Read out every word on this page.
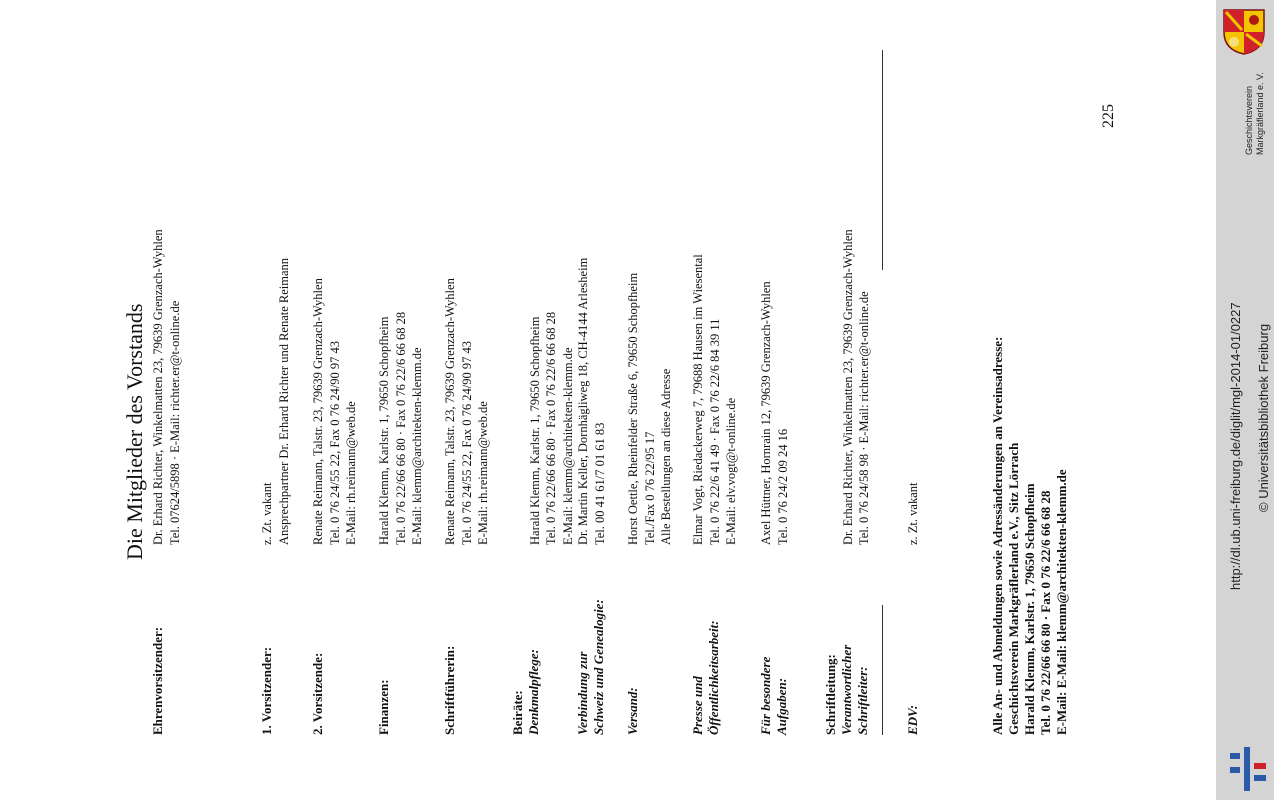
Die Mitglieder des Vorstands
225
Ehrenvorsitzender:
Dr. Erhard Richter, Winkelmatten 23, 79639 Grenzach-Wyhlen Tel. 07624/5898 · E-Mail: richter.er@t-online.de
1. Vorsitzender:
z. Zt. vakant Ansprechpartner Dr. Erhard Richter und Renate Reimann
2. Vorsitzende:
Renate Reimann, Talstr. 23, 79639 Grenzach-Wyhlen Tel. 0 76 24/55 22, Fax 0 76 24/90 97 43 E-Mail: rh.reimann@web.de
Finanzen:
Harald Klemm, Karlstr. 1, 79650 Schopfheim Tel. 0 76 22/66 66 80 · Fax 0 76 22/6 66 68 28 E-Mail: klemm@architekten-klemm.de
Schriftführerin:
Renate Reimann, Talstr. 23, 79639 Grenzach-Wyhlen Tel. 0 76 24/55 22, Fax 0 76 24/90 97 43 E-Mail: rh.reimann@web.de
Beiräte: Denkmalpflege:

Harald Klemm, Karlstr. 1, 79650 Schopfheim Tel. 0 76 22/66 66 80 · Fax 0 76 22/6 66 68 28 E-Mail: klemm@architekten-klemm.de
Verbindung zur Schweiz und Genealogie:
Dr. Martin Keller, Dornhägliweg 18, CH-4144 Arlesheim Tel. 00 41 61/7 01 61 83
Versand:
Horst Oettle, Rheinfelder Straße 6, 79650 Schopfheim Tel./Fax 0 76 22/95 17 Alle Bestellungen an diese Adresse
Presse und Öffentlichkeitsarbeit:
Elmar Vogt, Riedackerweg 7, 79688 Hausen im Wiesental Tel. 0 76 22/6 41 49 · Fax 0 76 22/6 84 39 11 E-Mail: elv.vogt@t-online.de
Für besondere Aufgaben:
Axel Hüttner, Hornrain 12, 79639 Grenzach-Wyhlen Tel. 0 76 24/2 09 24 16
Schriftleitung: Verantwortlicher Schriftleiter:

Dr. Erhard Richter, Winkelmatten 23, 79639 Grenzach-Wyhlen Tel. 0 76 24/58 98 · E-Mail: richter.er@t-online.de
EDV:
z. Zt. vakant	Alle An- und Abmeldungen sowie Adressänderungen an Vereinsadresse: Geschichtsverein Markgräflerland e.V., Sitz Lörrach Harald Klemm, Karlstr. 1, 79650 Schopfheim Tel. 0 76 22/66 66 80 · Fax 0 76 22/6 66 68 28 E-Mail: E-Mail: klemm@architekten-klemm.de
Geschichtsverein Markgräflerland e. V.
http://dl.ub.uni-freiburg.de/diglit/mgl-2014-01/0227 © Universitätsbibliothek Freiburg
